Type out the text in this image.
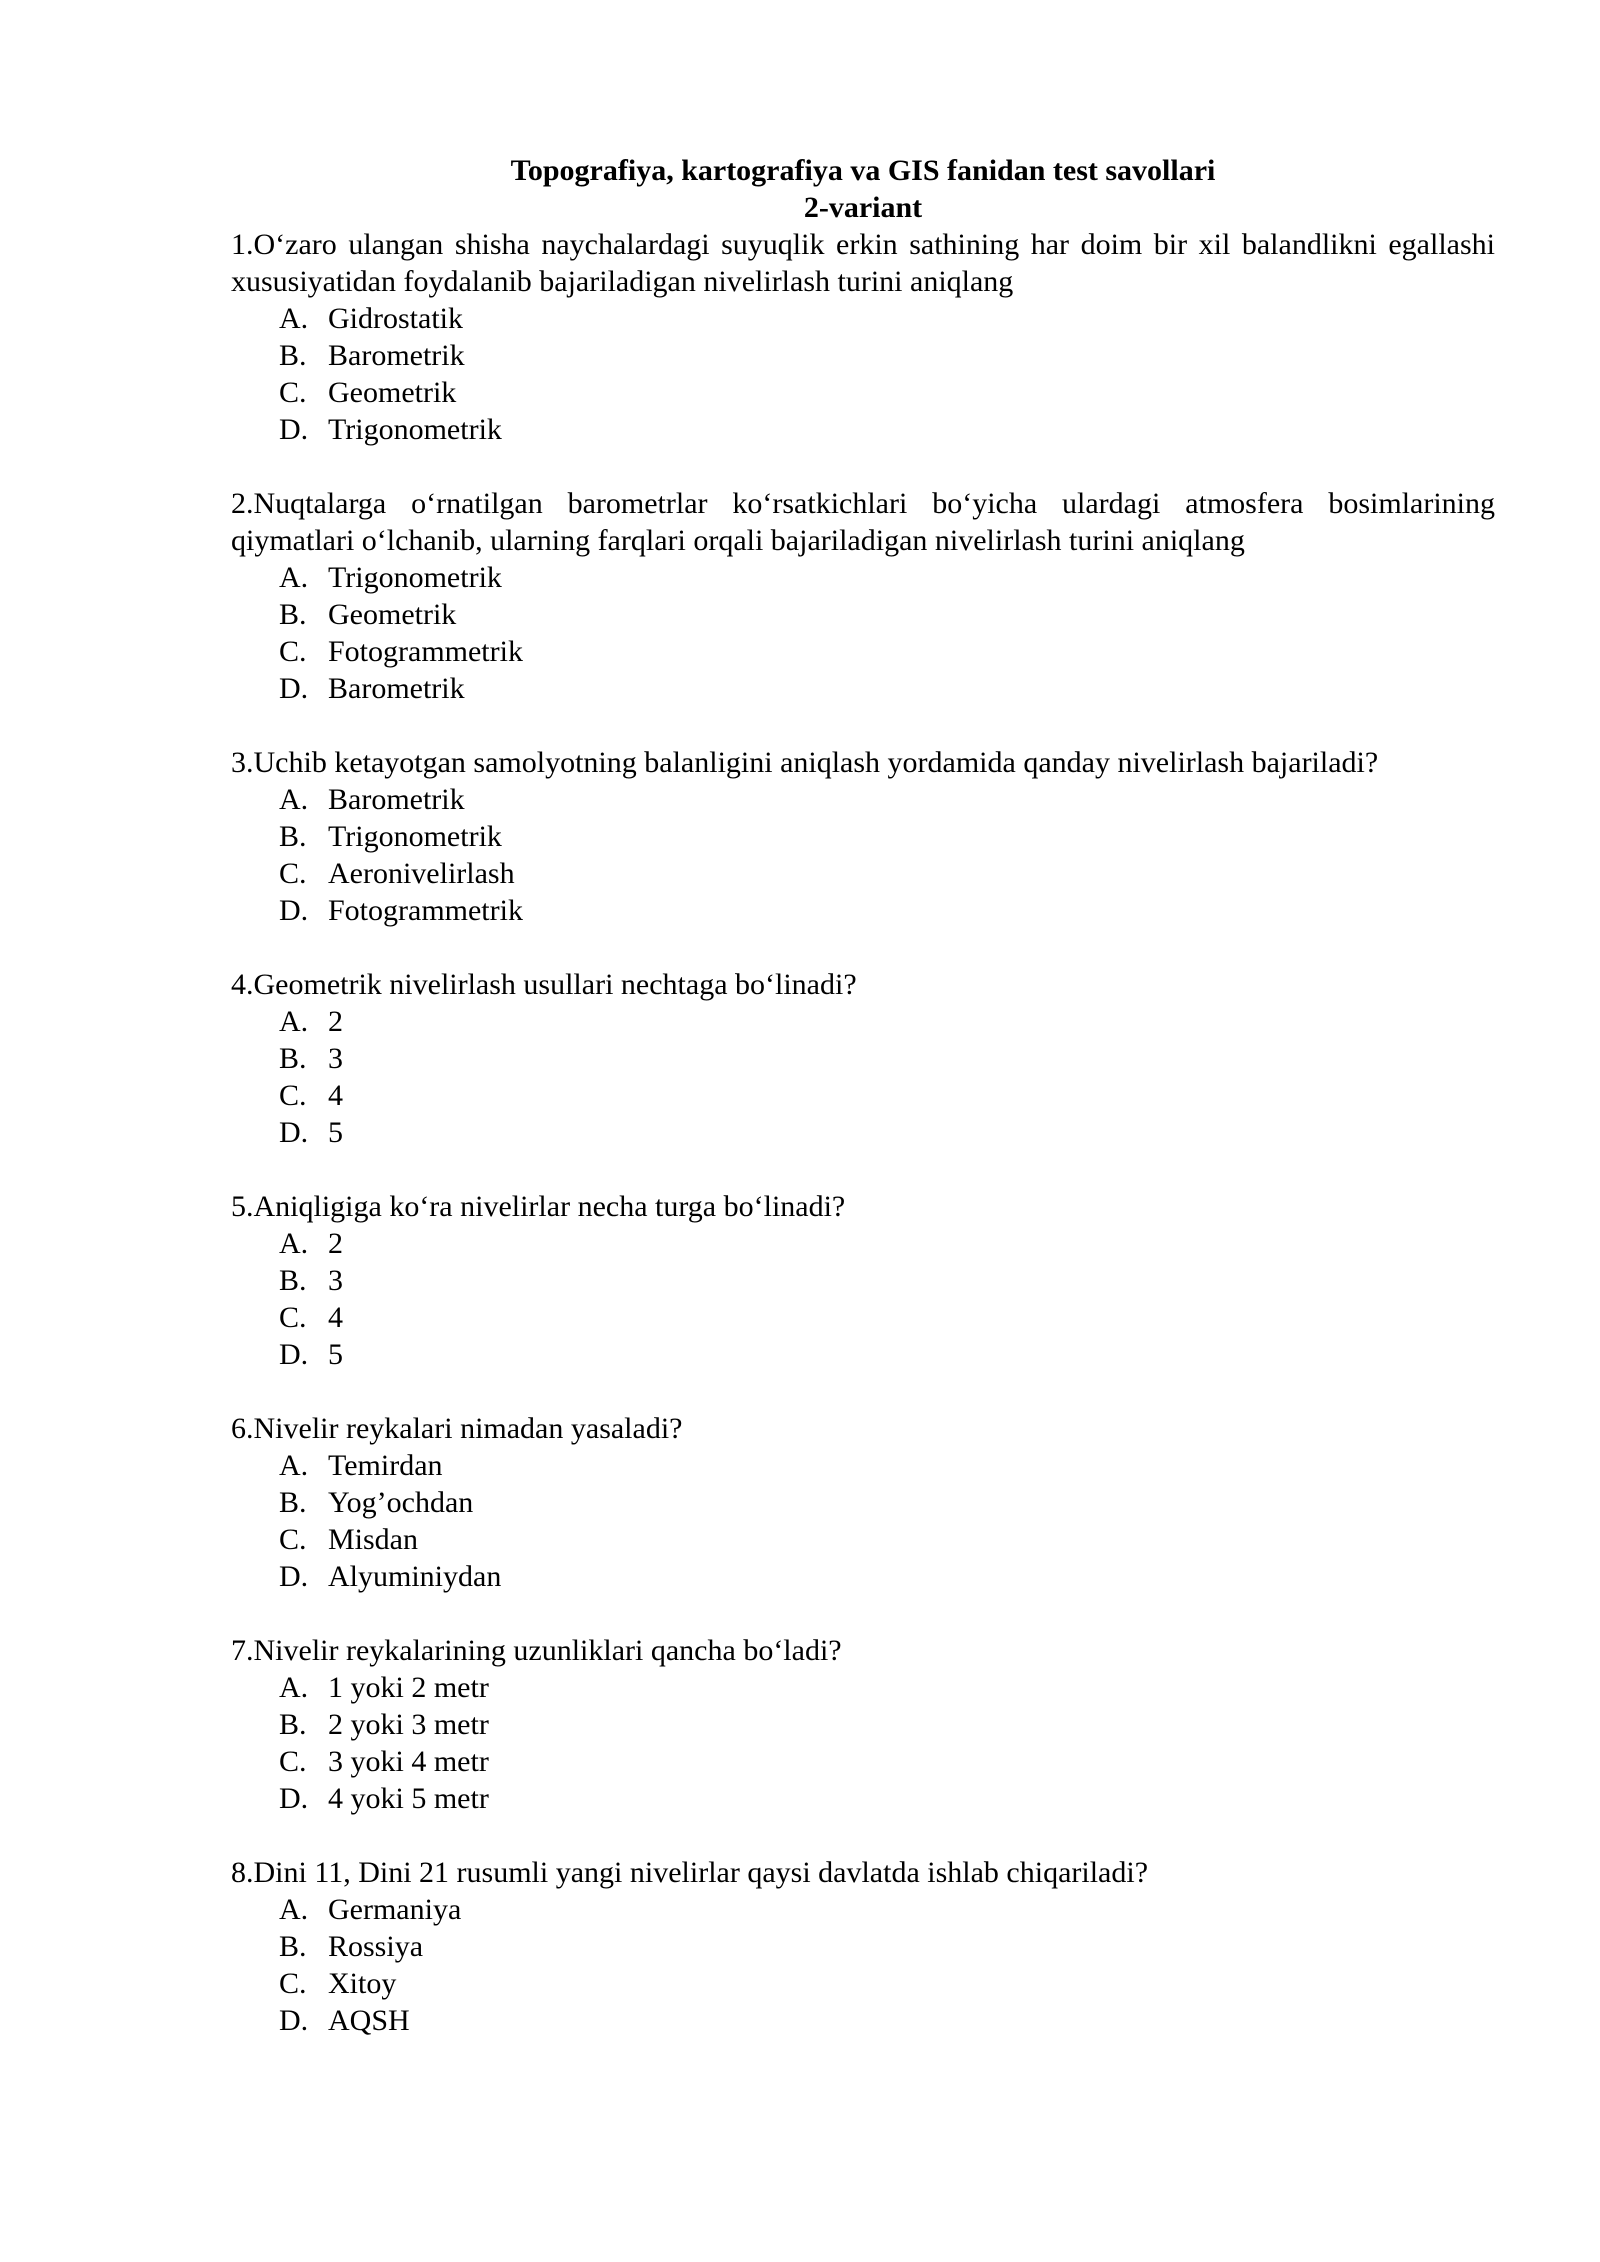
Topografiya, kartografiya va GIS fanidan test savollari
2-variant

1.O‘zaro ulangan shisha naychalardagi suyuqlik erkin sathining har doim bir xil balandlikni egallashi xususiyatidan foydalanib bajariladigan nivelirlash turini aniqlang

A. Gidrostatik
B. Barometrik
C. Geometrik
D. Trigonometrik

2.Nuqtalarga o‘rnatilgan barometrlar ko‘rsatkichlari bo‘yicha ulardagi atmosfera bosimlarining qiymatlari o‘lchanib, ularning farqlari orqali bajariladigan nivelirlash turini aniqlang

A. Trigonometrik
B. Geometrik
C. Fotogrammetrik
D. Barometrik

3.Uchib ketayotgan samolyotning balanligini aniqlash yordamida qanday nivelirlash bajariladi?

A. Barometrik
B. Trigonometrik
C. Aeronivelirlash
D. Fotogrammetrik

4.Geometrik nivelirlash usullari nechtaga bo‘linadi?

A. 2
B. 3
C. 4
D. 5

5.Aniqligiga ko‘ra nivelirlar necha turga bo‘linadi?

A. 2
B. 3
C. 4
D. 5

6.Nivelir reykalari nimadan yasaladi?

A. Temirdan
B. Yog’ochdan
C. Misdan
D. Alyuminiydan

7.Nivelir reykalarining uzunliklari qancha bo‘ladi?

A. 1 yoki 2 metr
B. 2 yoki 3 metr
C. 3 yoki 4 metr
D. 4 yoki 5 metr

8.Dini 11, Dini 21 rusumli yangi nivelirlar qaysi davlatda ishlab chiqariladi?

A. Germaniya
B. Rossiya
C. Xitoy
D. AQSH
